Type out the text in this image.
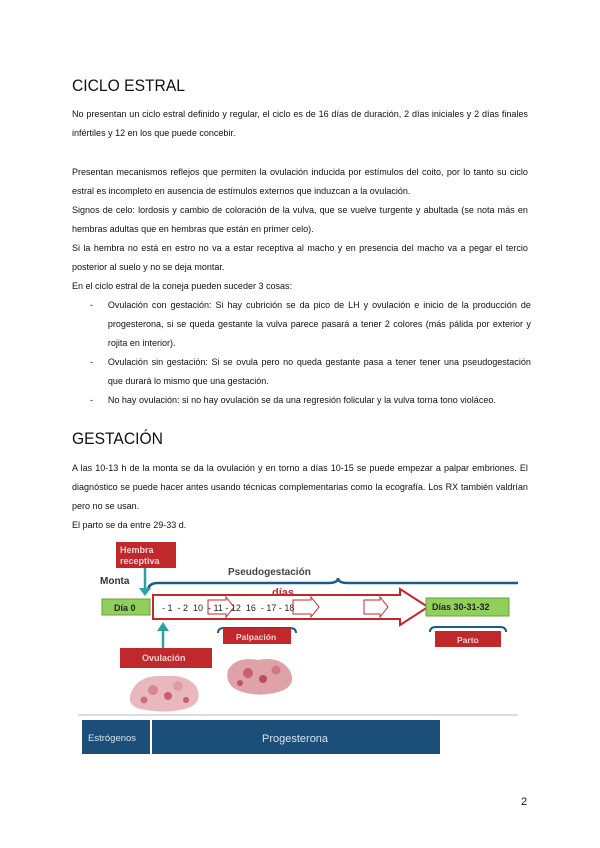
CICLO ESTRAL
No presentan un ciclo estral definido y regular, el ciclo es de 16 días de duración, 2 días iniciales y 2 días finales infértiles y 12 en los que puede concebir.
Presentan mecanismos reflejos que permiten la ovulación inducida por estímulos del coito, por lo tanto su ciclo estral es incompleto en ausencia de estímulos externos que induzcan a la ovulación.
Signos de celo: lordosis y cambio de coloración de la vulva, que se vuelve turgente y abultada (se nota más en hembras adultas que en hembras que están en primer celo).
Si la hembra no está en estro no va a estar receptiva al macho y en presencia del macho va a pegar el tercio posterior al suelo y no se deja montar.
En el ciclo estral de la coneja pueden suceder 3 cosas:
- Ovulación con gestación: Si hay cubrición se da pico de LH y ovulación e inicio de la producción de progesterona, si se queda gestante la vulva parece pasará a tener 2 colores (más pálida por exterior y rojita en interior).
- Ovulación sin gestación: Si se ovula pero no queda gestante pasa a tener tener una pseudogestación que durará lo mismo que una gestación.
- No hay ovulación: si no hay ovulación se da una regresión folicular y la vulva torna tono violáceo.
GESTACIÓN
A las 10-13 h de la monta se da la ovulación y en torno a días 10-15 se puede empezar a palpar embriones. El diagnóstico se puede hacer antes usando técnicas complementarias como la ecografía. Los RX también valdrían pero no se usan.
El parto se da entre 29-33 d.
Hembra
receptiva
Monta
Pseudogestación
días
- 1  - 2  10  - 11 - 12  16  - 17 - 18
Día 0	Días 30-31-32
Palpación	Parto
Ovulación
Estrógenos	Progesterona
2
